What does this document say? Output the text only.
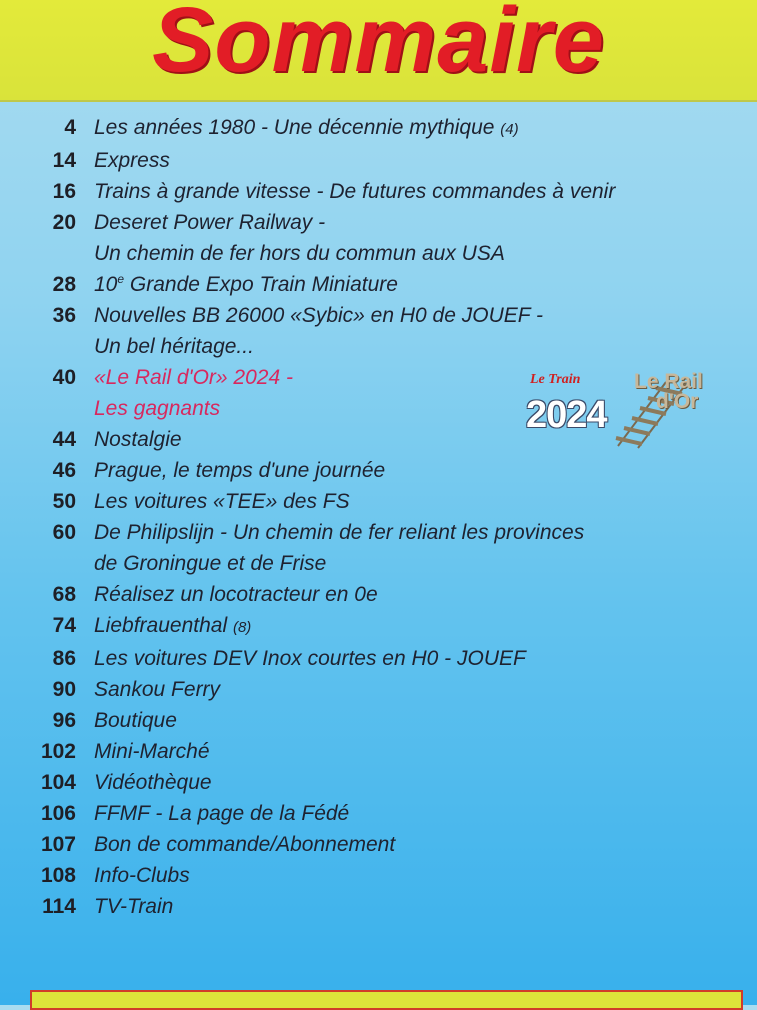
Sommaire
4 Les années 1980 - Une décennie mythique (4)
14 Express
16 Trains à grande vitesse - De futures commandes à venir
20 Deseret Power Railway -
Un chemin de fer hors du commun aux USA
28 10e Grande Expo Train Miniature
36 Nouvelles BB 26000 «Sybic» en H0 de JOUEF -
Un bel héritage...
40 «Le Rail d'Or» 2024 -
Les gagnants
44 Nostalgie
46 Prague, le temps d'une journée
50 Les voitures «TEE» des FS
60 De Philipslijn - Un chemin de fer reliant les provinces
de Groningue et de Frise
68 Réalisez un locotracteur en 0e
74 Liebfrauenthal (8)
86 Les voitures DEV Inox courtes en H0 - JOUEF
90 Sankou Ferry
96 Boutique
102 Mini-Marché
104 Vidéothèque
106 FFMF - La page de la Fédé
107 Bon de commande/Abonnement
108 Info-Clubs
114 TV-Train
Le Train
2024
Le Rail
d'Or
